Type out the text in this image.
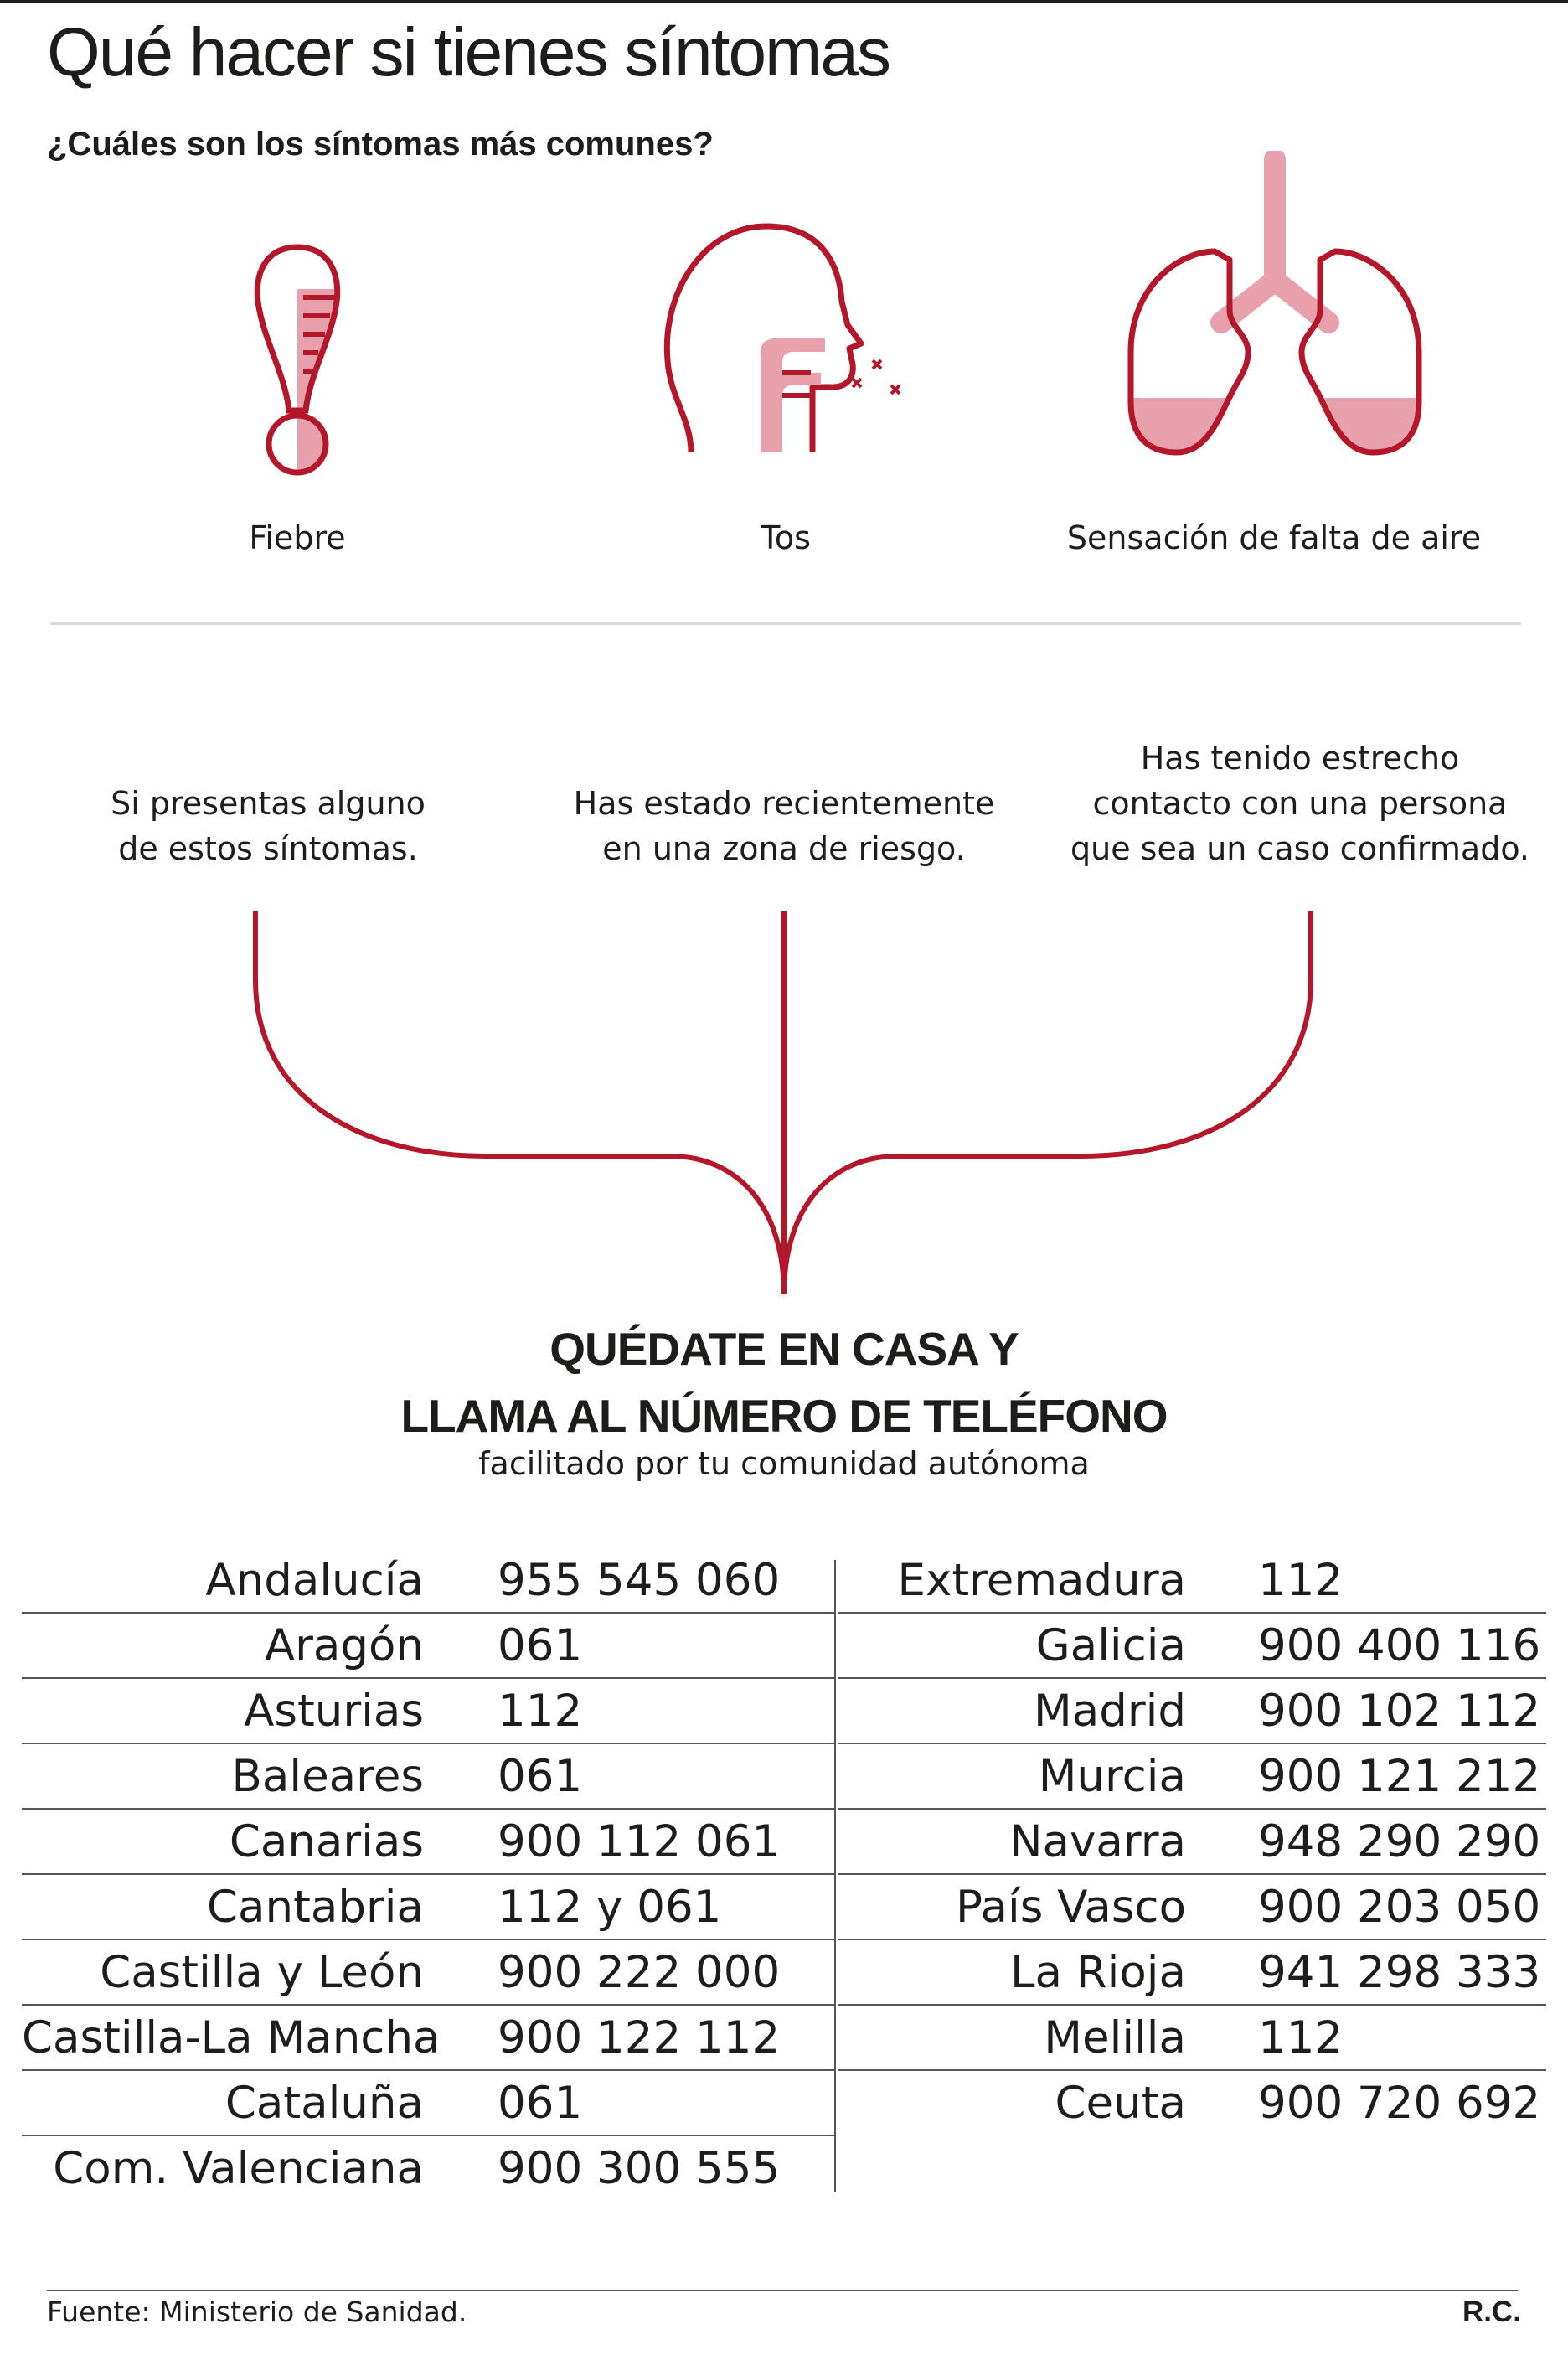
Qué hacer si tienes síntomas
¿Cuáles son los síntomas más comunes?
Fiebre	Tos	Sensación de falta de aire
Si presentas alguno
de estos síntomas.
Has estado recientemente
en una zona de riesgo.
Has tenido estrecho
contacto con una persona
que sea un caso confirmado.
QUÉDATE EN CASA Y
LLAMA AL NÚMERO DE TELÉFONO
facilitado por tu comunidad autónoma
Andalucía 955 545 060
Aragón 061
Asturias 112
Baleares 061
Canarias 900 112 061
Cantabria 112 y 061
Castilla y León 900 222 000
Castilla-La Mancha 900 122 112
Cataluña 061
Com. Valenciana 900 300 555
Extremadura 112
Galicia 900 400 116
Madrid 900 102 112
Murcia 900 121 212
Navarra 948 290 290
País Vasco 900 203 050
La Rioja 941 298 333
Melilla 112
Ceuta 900 720 692
Fuente: Ministerio de Sanidad.	R.C.
